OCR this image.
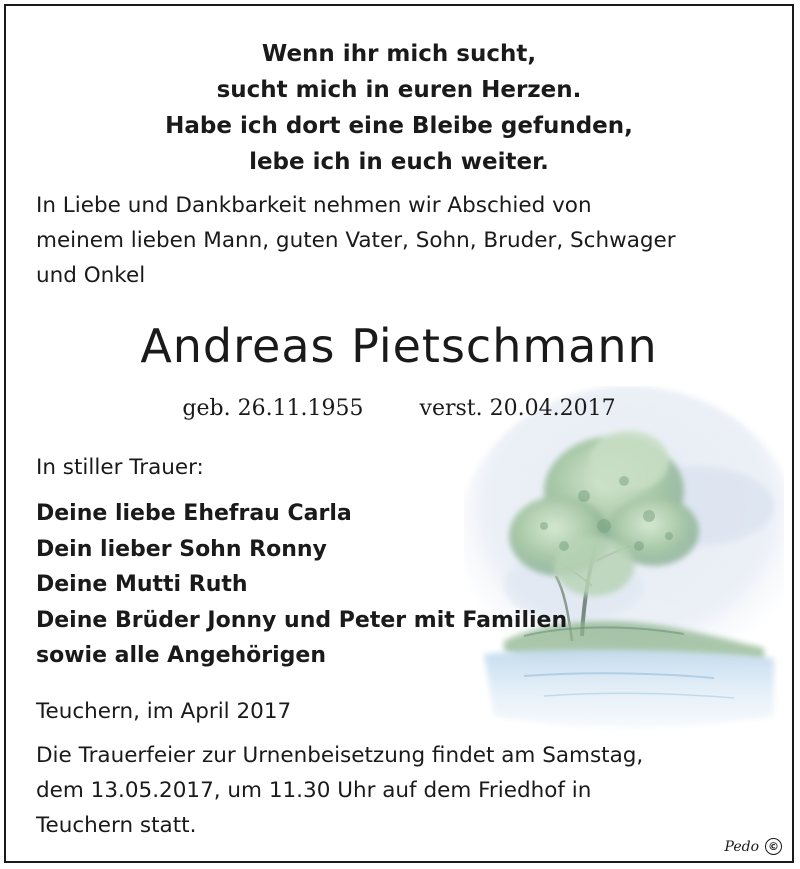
Wenn ihr mich sucht,
sucht mich in euren Herzen.
Habe ich dort eine Bleibe gefunden,
lebe ich in euch weiter.
In Liebe und Dankbarkeit nehmen wir Abschied von
meinem lieben Mann, guten Vater, Sohn, Bruder, Schwager
und Onkel
Andreas Pietschmann
geb. 26.11.1955	verst. 20.04.2017
In stiller Trauer:
Deine liebe Ehefrau Carla
Dein lieber Sohn Ronny
Deine Mutti Ruth
Deine Brüder Jonny und Peter mit Familien
sowie alle Angehörigen
Teuchern, im April 2017
Die Trauerfeier zur Urnenbeisetzung findet am Samstag,
dem 13.05.2017, um 11.30 Uhr auf dem Friedhof in
Teuchern statt.
Pedo ©
